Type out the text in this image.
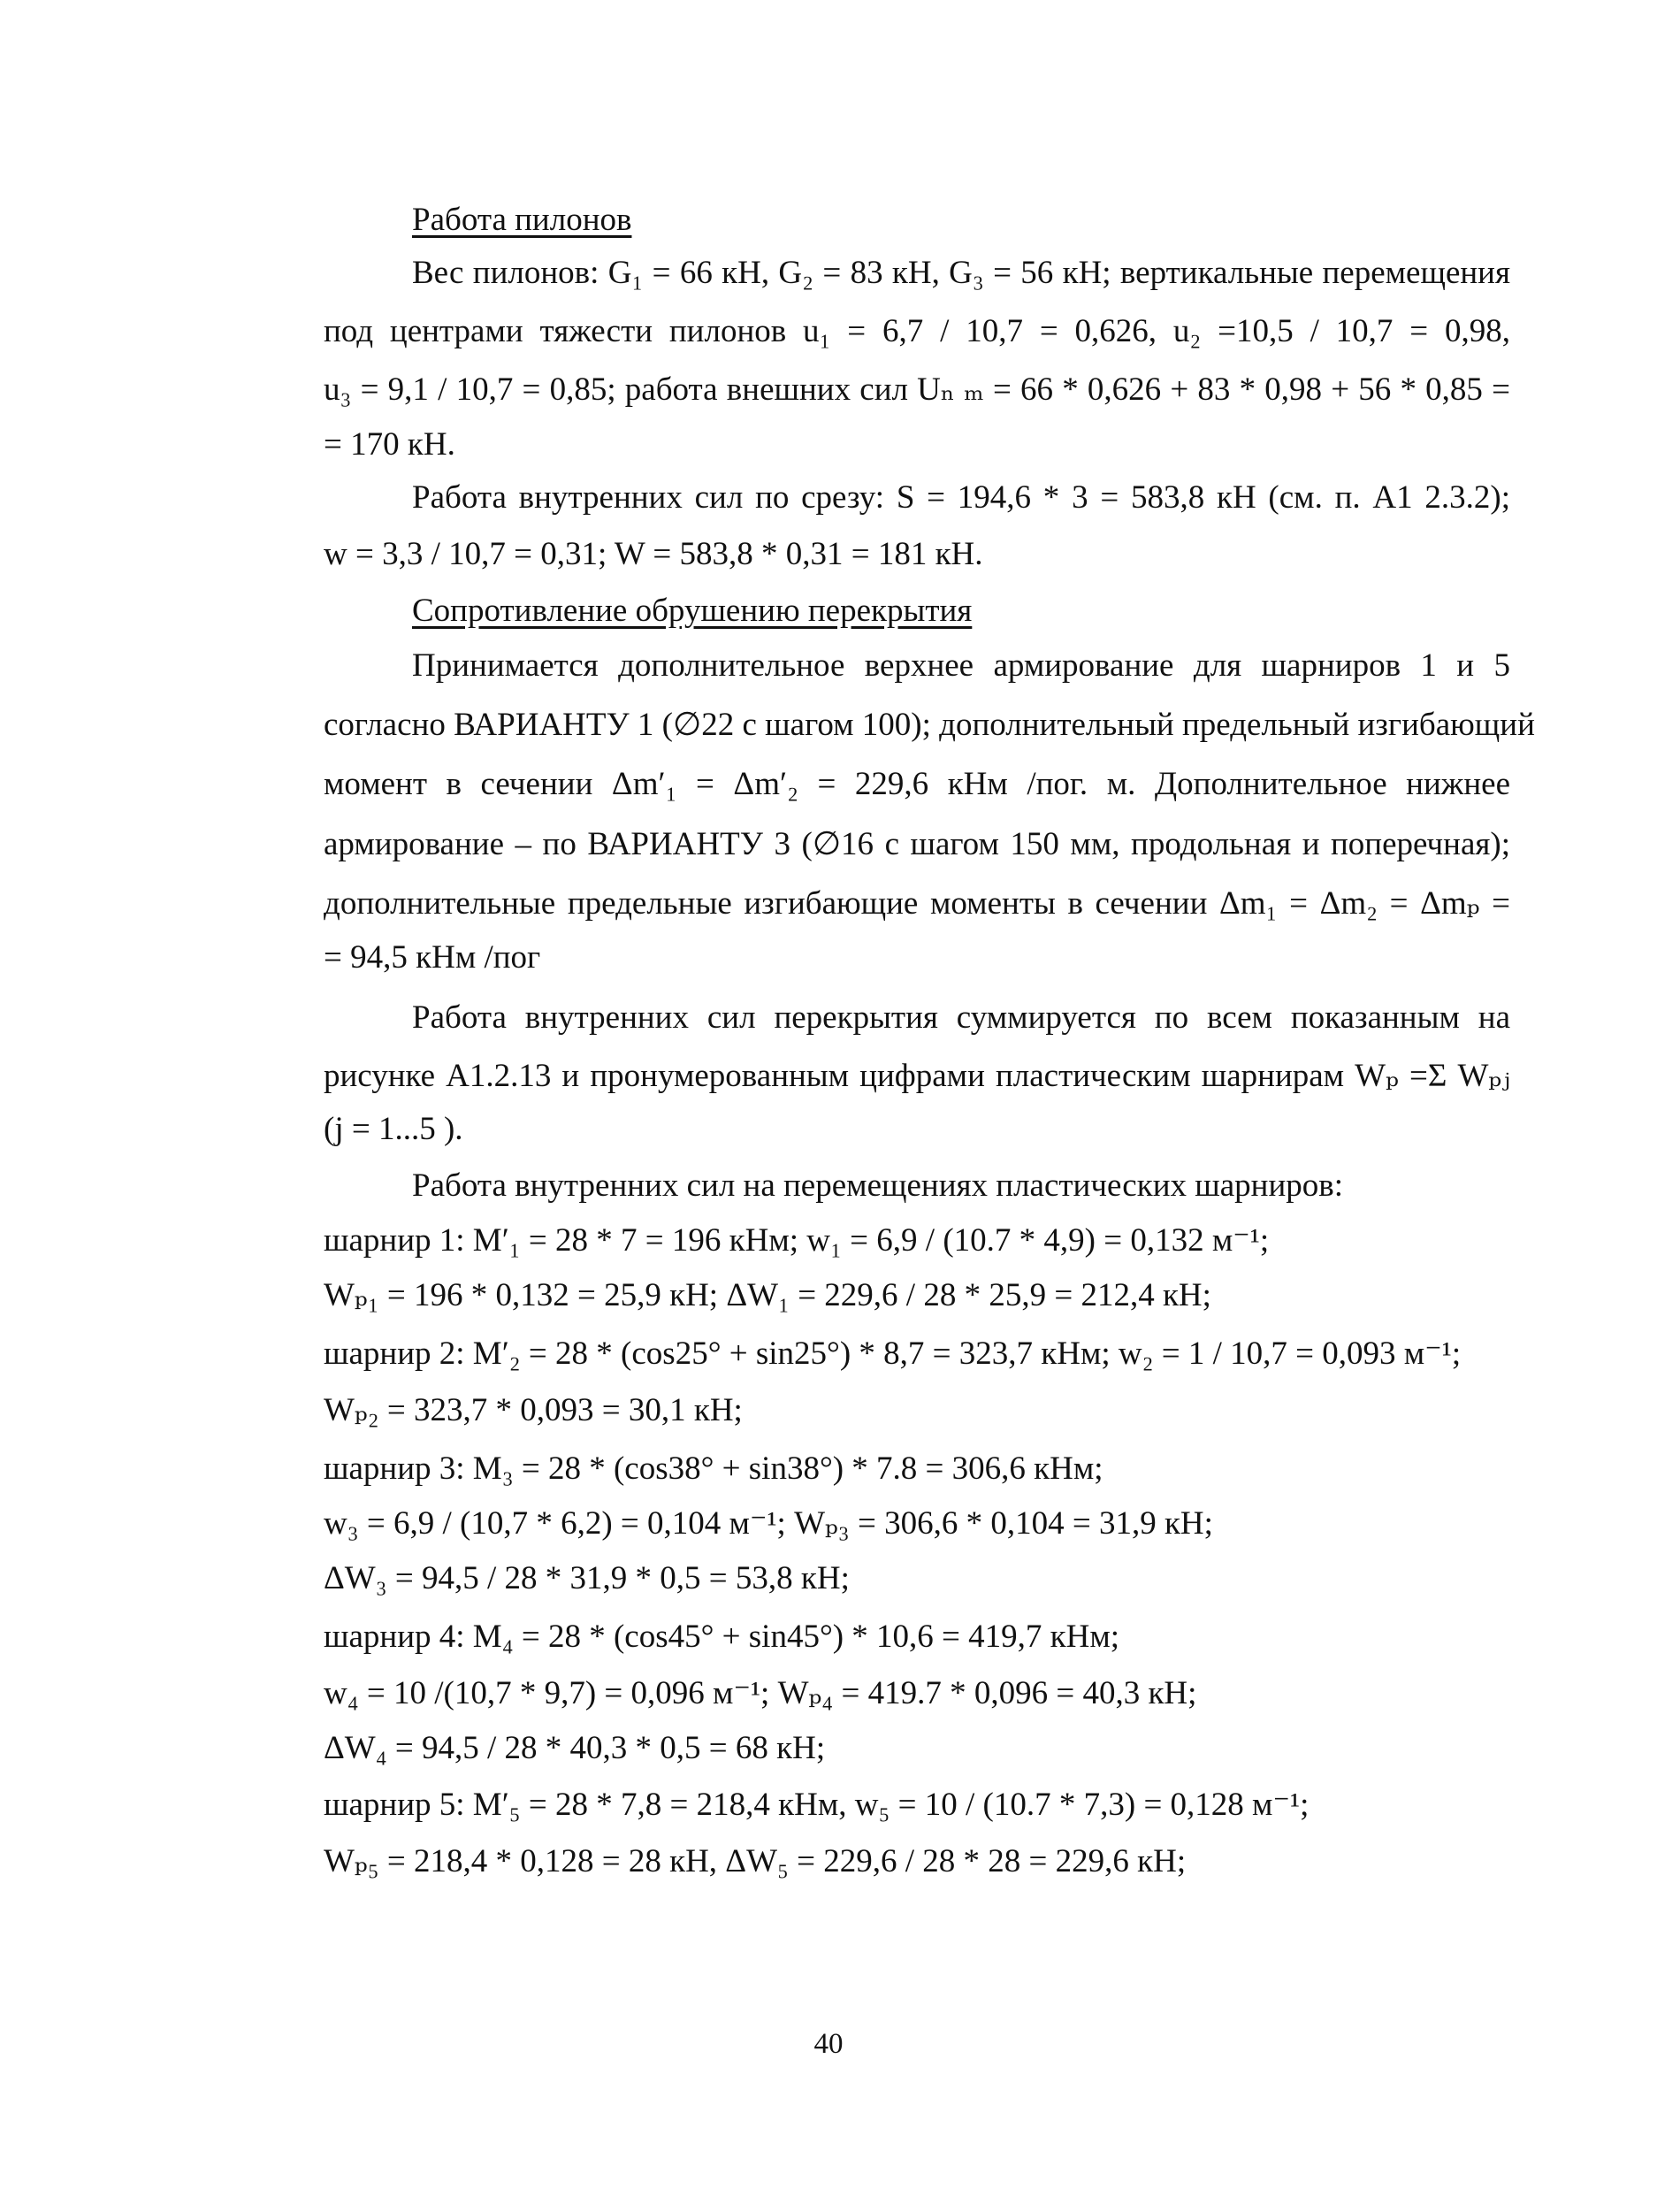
Работа пилонов
Вес пилонов: G₁ = 66 кН, G₂ = 83 кН, G₃ = 56 кН; вертикальные перемещения
под центрами тяжести пилонов u₁ = 6,7 / 10,7 = 0,626, u₂ =10,5 / 10,7 = 0,98,
u₃ = 9,1 / 10,7 = 0,85; работа внешних сил Uₙ ₘ = 66 * 0,626 + 83 * 0,98 + 56 * 0,85 =
= 170 кН.
Работа внутренних сил по срезу: S = 194,6 * 3 = 583,8 кН (см. п. А1 2.3.2);
w = 3,3 / 10,7 = 0,31; W = 583,8 * 0,31 = 181 кН.
Сопротивление обрушению перекрытия
Принимается дополнительное верхнее армирование для шарниров 1 и 5
согласно ВАРИАНТУ 1 (∅22 с шагом 100); дополнительный предельный изгибающий
момент в сечении Δm′₁ = Δm′₂ = 229,6 кНм /пог. м. Дополнительное нижнее
армирование – по ВАРИАНТУ 3 (∅16 с шагом 150 мм, продольная и поперечная);
дополнительные предельные изгибающие моменты в сечении Δm₁ = Δm₂ = Δmₚ =
= 94,5 кНм /пог
Работа внутренних сил перекрытия суммируется по всем показанным на
рисунке А1.2.13 и пронумерованным цифрами пластическим шарнирам Wₚ =Σ Wₚⱼ
(j = 1...5 ).
Работа внутренних сил на перемещениях пластических шарниров:
шарнир 1: M′₁ = 28 * 7 = 196 кНм; w₁ = 6,9 / (10.7 * 4,9) = 0,132 м⁻¹;
Wₚ₁ = 196 * 0,132 = 25,9 кН; ΔW₁ = 229,6 / 28 * 25,9 = 212,4 кН;
шарнир 2: M′₂ = 28 * (cos25° + sin25°) * 8,7 = 323,7 кНм; w₂ = 1 / 10,7 = 0,093 м⁻¹;
Wₚ₂ = 323,7 * 0,093 = 30,1 кН;
шарнир 3: M₃ = 28 * (cos38° + sin38°) * 7.8 = 306,6 кНм;
w₃ = 6,9 / (10,7 * 6,2) = 0,104 м⁻¹; Wₚ₃ = 306,6 * 0,104 = 31,9 кН;
ΔW₃ = 94,5 / 28 * 31,9 * 0,5 = 53,8 кН;
шарнир 4: M₄ = 28 * (cos45° + sin45°) * 10,6 = 419,7 кНм;
w₄ = 10 /(10,7 * 9,7) = 0,096 м⁻¹; Wₚ₄ = 419.7 * 0,096 = 40,3 кН;
ΔW₄ = 94,5 / 28 * 40,3 * 0,5 = 68 кН;
шарнир 5: M′₅ = 28 * 7,8 = 218,4 кНм, w₅ = 10 / (10.7 * 7,3) = 0,128 м⁻¹;
Wₚ₅ = 218,4 * 0,128 = 28 кН, ΔW₅ = 229,6 / 28 * 28 = 229,6 кН;
40
